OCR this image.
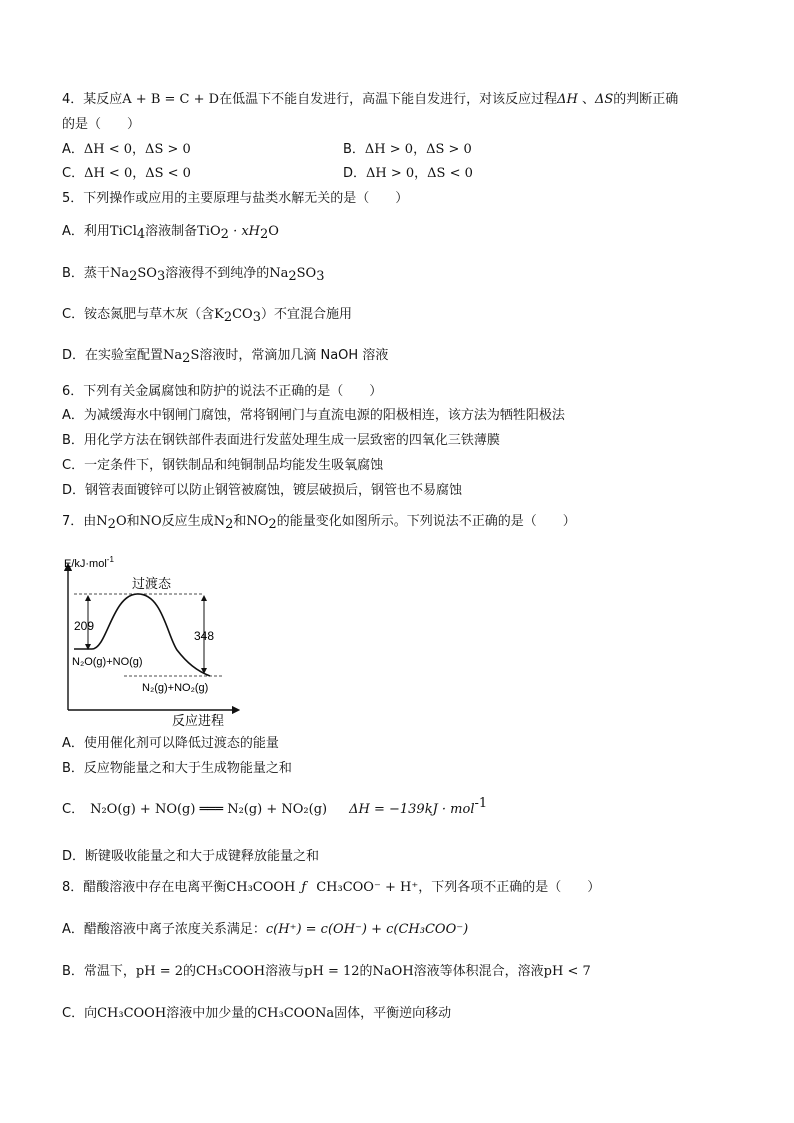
4．某反应A + B = C + D在低温下不能自发进行，高温下能自发进行，对该反应过程ΔH 、ΔS的判断正确
的是（　　）
A．ΔH < 0，ΔS > 0	B．ΔH > 0，ΔS > 0
C．ΔH < 0，ΔS < 0	D．ΔH > 0，ΔS < 0
5．下列操作或应用的主要原理与盐类水解无关的是（　　）
A．利用TiCl$_4$溶液制备$TiO_2 \cdot xH_2O$
B．蒸干$Na_2SO_3$溶液得不到纯净的$Na_2SO_3$
C．铵态氮肥与草木灰（含$K_2CO_3$）不宜混合施用
D．在实验室配置$Na_2S$溶液时，常滴加几滴 NaOH 溶液
6．下列有关金属腐蚀和防护的说法不正确的是（　　）
A．为减缓海水中钢闸门腐蚀，常将钢闸门与直流电源的阳极相连，该方法为牺牲阳极法
B．用化学方法在钢铁部件表面进行发蓝处理生成一层致密的四氧化三铁薄膜
C．一定条件下，钢铁制品和纯铜制品均能发生吸氧腐蚀
D．钢管表面镀锌可以防止钢管被腐蚀，镀层破损后，钢管也不易腐蚀
7．由$N_2O$和NO反应生成$N_2$和$NO_2$的能量变化如图所示。下列说法不正确的是（　　）
E/kJ·mol$^{-1}$
反应进程
209
348
过渡态
N₂O(g)+NO(g)
N₂(g)+NO₂(g)
A．使用催化剂可以降低过渡态的能量
B．反应物能量之和大于生成物能量之和
C． N₂O(g) + NO(g) ═══ N₂(g) + NO₂(g) ΔH = −139kJ · mol$^{-1}$
D．断键吸收能量之和大于成键释放能量之和
8．醋酸溶液中存在电离平衡CH₃COOH ƒ CH₃COO⁻ + H⁺，下列各项不正确的是（　　）
A．醋酸溶液中离子浓度关系满足：c(H⁺) = c(OH⁻) + c(CH₃COO⁻)
B．常温下，pH = 2的CH₃COOH溶液与pH = 12的NaOH溶液等体积混合，溶液pH < 7
C．向CH₃COOH溶液中加少量的CH₃COONa固体，平衡逆向移动
